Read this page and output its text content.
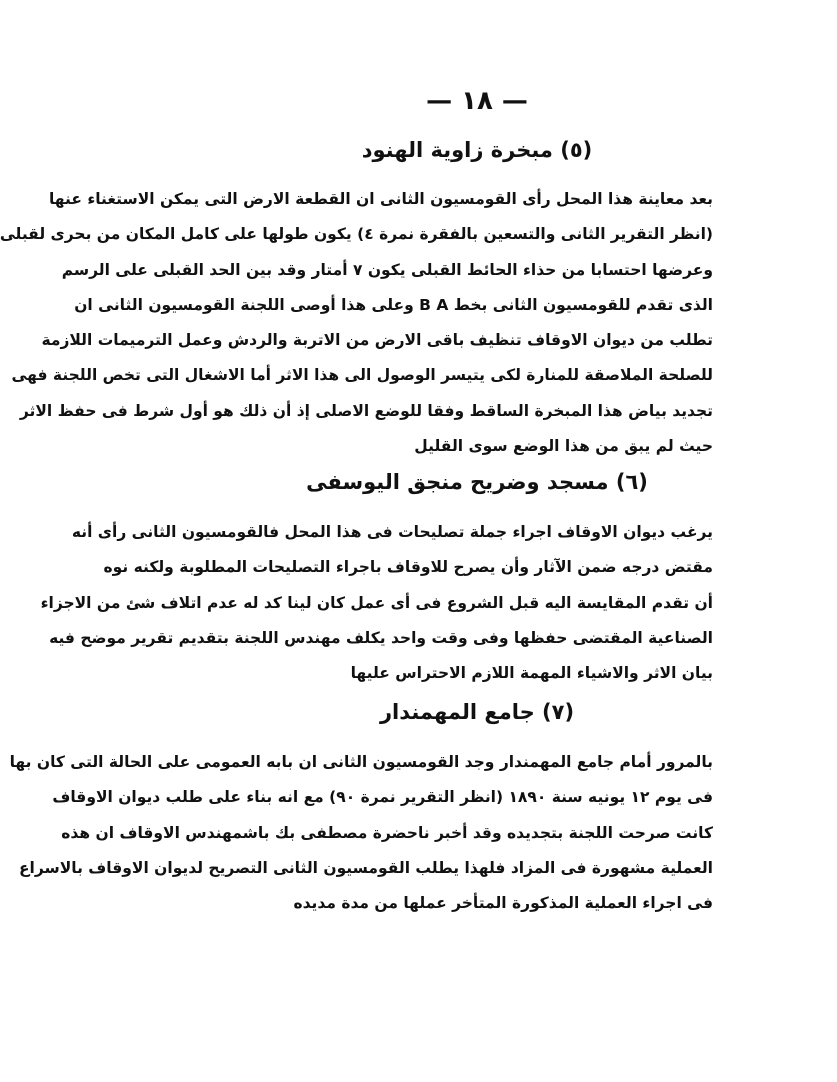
— ١٨ —
(٥) مبخرة زاوية الهنود
بعد معاينة هذا المحل رأى القومسيون الثانى ان القطعة الارض التى يمكن الاستغناء عنها
(انظر التقرير الثانى والتسعين بالفقرة نمرة ٤) يكون طولها على كامل المكان من بحرى لقبلى
وعرضها احتسابا من حذاء الحائط القبلى يكون ٧ أمتار وقد بين الحد القبلى على الرسم
الذى تقدم للقومسيون الثانى بخط B A وعلى هذا أوصى اللجنة القومسيون الثانى ان
تطلب من ديوان الاوقاف تنظيف باقى الارض من الاتربة والردش وعمل الترميمات اللازمة
للصلحة الملاصقة للمنارة لكى يتيسر الوصول الى هذا الاثر أما الاشغال التى تخص اللجنة فهى
تجديد بياض هذا المبخرة الساقط وفقا للوضع الاصلى إذ أن ذلك هو أول شرط فى حفظ الاثر
حيث لم يبق من هذا الوضع سوى القليل
(٦) مسجد وضريح منجق اليوسفى
يرغب ديوان الاوقاف اجراء جملة تصليحات فى هذا المحل فالقومسيون الثانى رأى أنه
مقتض درجه ضمن الآثار وأن يصرح للاوقاف باجراء التصليحات المطلوبة ولكنه نوه
أن تقدم المقايسة اليه قبل الشروع فى أى عمل كان لينا كد له عدم اتلاف شئ من الاجزاء
الصناعية المقتضى حفظها وفى وقت واحد يكلف مهندس اللجنة بتقديم تقرير موضح فيه
بيان الاثر والاشياء المهمة اللازم الاحتراس عليها
(٧) جامع المهمندار
بالمرور أمام جامع المهمندار وجد القومسيون الثانى ان بابه العمومى على الحالة التى كان بها
فى يوم ١٢ يونيه سنة ١٨٩٠ (انظر التقرير نمرة ٩٠) مع انه بناء على طلب ديوان الاوقاف
كانت صرحت اللجنة بتجديده وقد أخبر ناحضرة مصطفى بك باشمهندس الاوقاف ان هذه
العملية مشهورة فى المزاد فلهذا يطلب القومسيون الثانى التصريح لديوان الاوقاف بالاسراع
فى اجراء العملية المذكورة المتأخر عملها من مدة مديده
